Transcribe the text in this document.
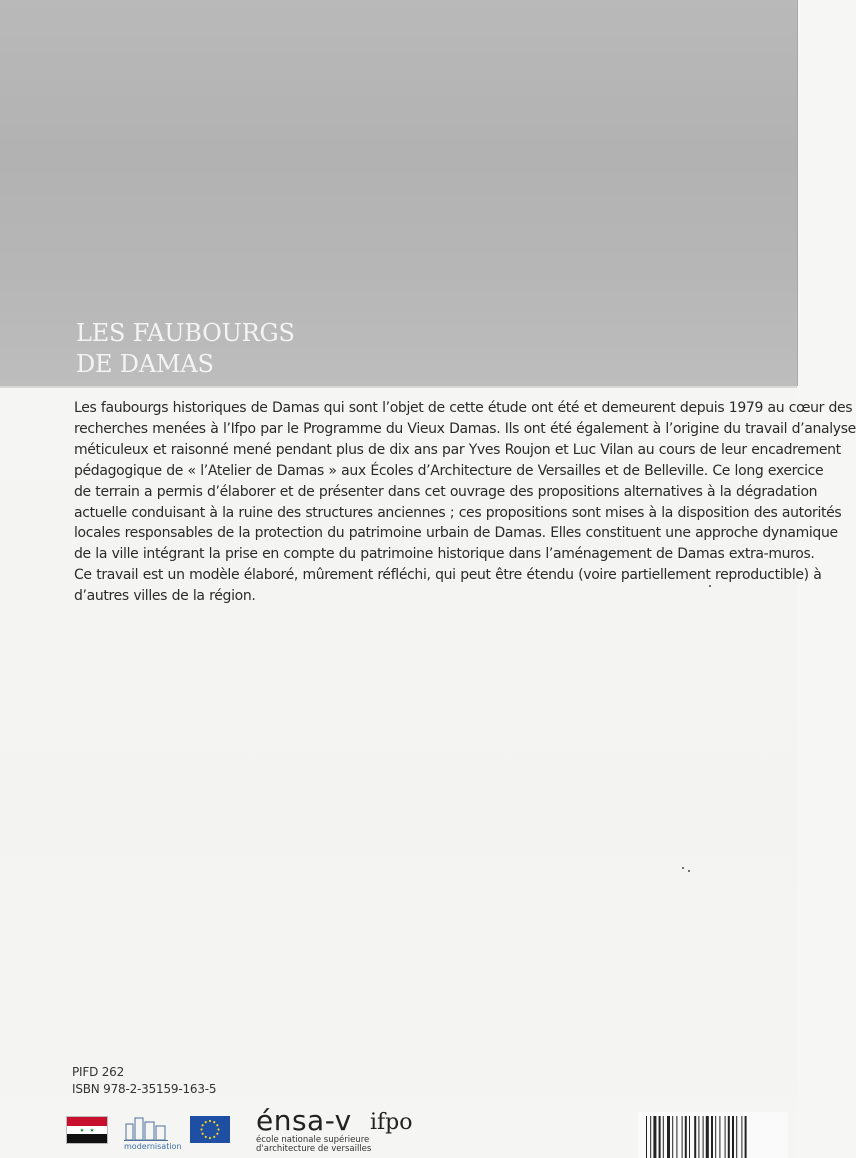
LES FAUBOURGS
DE DAMAS
Les faubourgs historiques de Damas qui sont l’objet de cette étude ont été et demeurent depuis 1979 au cœur des
recherches menées à l’Ifpo par le Programme du Vieux Damas. Ils ont été également à l’origine du travail d’analyse
méticuleux et raisonné mené pendant plus de dix ans par Yves Roujon et Luc Vilan au cours de leur encadrement
pédagogique de « l’Atelier de Damas » aux Écoles d’Architecture de Versailles et de Belleville. Ce long exercice
de terrain a permis d’élaborer et de présenter dans cet ouvrage des propositions alternatives à la dégradation
actuelle conduisant à la ruine des structures anciennes ; ces propositions sont mises à la disposition des autorités
locales responsables de la protection du patrimoine urbain de Damas. Elles constituent une approche dynamique
de la ville intégrant la prise en compte du patrimoine historique dans l’aménagement de Damas extra-muros.
Ce travail est un modèle élaboré, mûrement réfléchi, qui peut être étendu (voire partiellement reproductible) à
d’autres villes de la région.
PIFD 262
ISBN 978-2-35159-163-5
modernisation
énsa-v
école nationale supérieure
d'architecture de versailles
ifpo
